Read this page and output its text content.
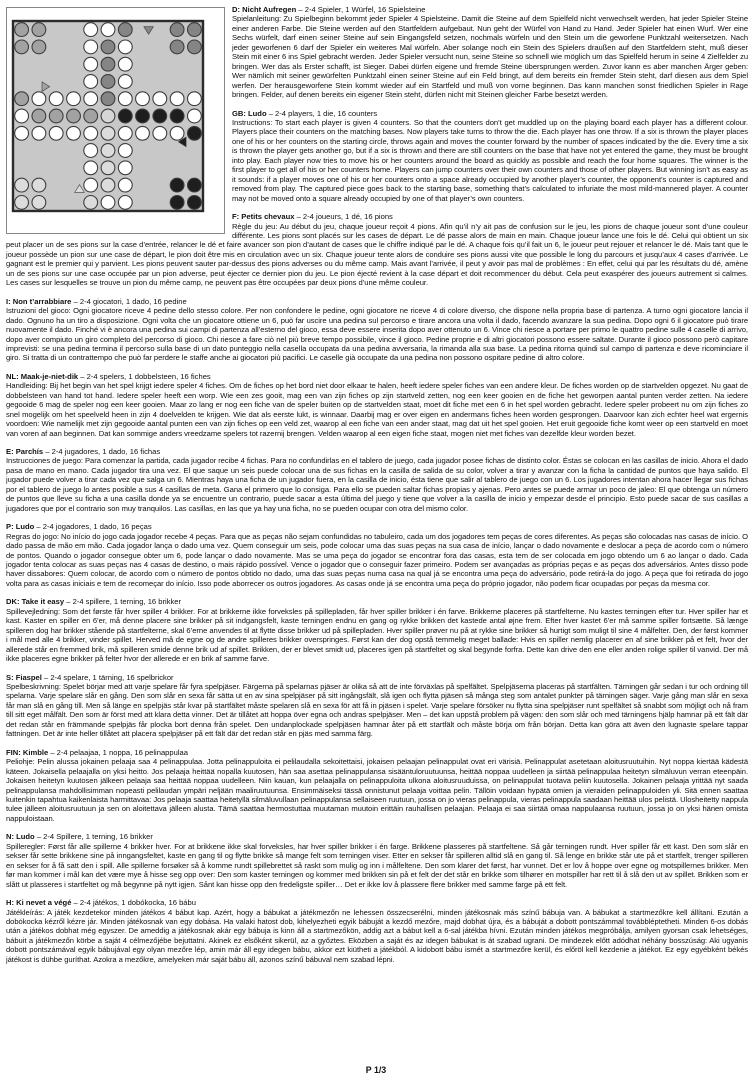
D: Nicht Aufregen – 2-4 Spieler, 1 Würfel, 16 Spielsteine

Spielanleitung: Zu Spielbeginn bekommt jeder Spieler 4 Spielsteine. Damit die Steine auf dem Spielfeld nicht verwechselt werden, hat jeder Spieler Steine einer anderen Farbe. Die Steine werden auf den Startfeldern aufgebaut. Nun geht der Würfel von Hand zu Hand. Jeder Spieler hat einen Wurf. Wer eine Sechs würfelt, darf einen seiner Steine auf sein Eingangsfeld setzen, nochmals würfeln und den Stein um die geworfene Punktzahl weitersetzen. Nach jeder geworfenen 6 darf der Spieler ein weiteres Mal würfeln. Aber solange noch ein Stein des Spielers draußen auf den Startfeldern steht, muß dieser Stein mit einer 6 ins Spiel gebracht werden. Jeder Spieler versucht nun, seine Steine so schnell wie möglich um das Spielfeld herum in seine 4 Zielfelder zu bringen. Wer das als Erster schafft, ist Sieger. Dabei dürfen eigene und fremde Steine übersprungen werden. Zuvor kann es aber manchen Ärger geben: Wer nämlich mit seiner gewürfelten Punktzahl einen seiner Steine auf ein Feld bringt, auf dem bereits ein fremder Stein steht, darf diesen aus dem Spiel werfen. Der herausgeworfene Stein kommt wieder auf ein Startfeld und muß von vorne beginnen. Das kann manchen sonst friedlichen Spieler in Rage bringen. Felder, auf denen bereits ein eigener Stein steht, dürfen nicht mit Steinen gleicher Farbe besetzt werden.

GB: Ludo – 2-4 players, 1 die, 16 counters

Instructions: To start each player is given 4 counters. So that the counters don’t get muddled up on the playing board each player has a different colour. Players place their counters on the matching bases. Now players take turns to throw the die. Each player has one throw. If a six is thrown the player places one of his or her counters on the starting circle, throws again and moves the counter forward by the number of spaces indicated by the die. Every time a six is thrown the player gets another go, but if a six is thrown and there are still counters on the base that have not yet entered the game, they must be brought into play. Each player now tries to move his or her counters around the board as quickly as possible and reach the four home squares. The winner is the first player to get all of his or her counters home. Players can jump counters over their own counters and those of other players. But winning isn’t as easy as it sounds: if a player moves one of his or her counters onto a space already occupied by another player’s counter, the opponent’s counter is captured and removed from play. The captured piece goes back to the starting base, something that’s calculated to infuriate the most mild-mannered player. A counter may not be moved onto a square already occupied by one of that player’s own counters.

F: Petits chevaux – 2-4 joueurs, 1 dé, 16 pions

Règle du jeu: Au début du jeu, chaque joueur reçoit 4 pions. Afin qu’il n’y ait pas de confusion sur le jeu, les pions de chaque joueur sont d’une couleur différente. Les pions sont placés sur les cases de départ. Le dé passe alors de main en main. Chaque joueur lance une fois le dé. Celui qui obtient un six peut placer un de ses pions sur la case d’entrée, relancer le dé et faire avancer son pion d’autant de cases que le chiffre indiqué par le dé. A chaque fois qu’il fait un 6, le joueur peut rejouer et relancer le dé. Mais tant que le joueur possède un pion sur une case de départ, le pion doit être mis en circulation avec un six. Chaque joueur tente alors de conduire ses pions aussi vite que possible le long du parcours et jusqu’aux 4 cases d’arrivée. Le gagnant est le premier qui y parvient. Les pions peuvent sauter par-dessus des pions adverses ou du même camp. Mais avant l’arrivée, il peut y avoir pas mal de problèmes : En effet, celui qui par les résultats du dé, amène un de ses pions sur une case occupée par un pion adverse, peut éjecter ce dernier pion du jeu. Le pion éjecté revient à la case départ et doit recommencer du début. Cela peut exaspérer des joueurs autrement si calmes. Les cases sur lesquelles se trouve un pion du même camp, ne peuvent pas être occupées par deux pions d’une même couleur.

I: Non t’arrabbiare – 2-4 giocatori, 1 dado, 16 pedine

Istruzioni del gioco: Ogni giocatore riceve 4 pedine dello stesso colore. Per non confondere le pedine, ogni giocatore ne riceve 4 di colore diverso, che dispone nella propria base di partenza. A turno ogni giocatore lancia il dado. Ognuno ha un tiro a disposizione. Ogni volta che un giocatore ottiene un 6, può far uscire una pedina sul percorso e tirare ancora una volta il dado, facendo avanzare la sua pedina. Dopo ogni 6 il giocatore può tirare nuovamente il dado. Finché vi è ancora una pedina sui campi di partenza all’esterno del gioco, essa deve essere inserita dopo aver ottenuto un 6. Vince chi riesce a portare per primo le quattro pedine sulle 4 caselle di arrivo, dopo aver compiuto un giro completo del percorso di gioco. Chi riesce a fare ciò nel più breve tempo possibile, vince il gioco. Pedine proprie e di altri giocatori possono essere saltate. Durante il gioco possono però capitare imprevisti: se una pedina termina il percorso sulla base di un dato punteggio nella casella occupata da una pedina avversaria, la rimanda alla sua base. La pedina ritorna quindi sul campo di partenza e deve ricominciare il giro. Si tratta di un contrattempo che può far perdere le staffe anche ai giocatori più pacifici. Le caselle già occupate da una pedina non possono ospitare pedine di altro colore.

NL: Maak-je-niet-dik – 2-4 spelers, 1 dobbelsteen, 16 fiches

Handleiding: Bij het begin van het spel krijgt iedere speler 4 fiches. Om de fiches op het bord niet door elkaar te halen, heeft iedere speler fiches van een andere kleur. De fiches worden op de startvelden opgezet. Nu gaat de dobbelsteen van hand tot hand. Iedere speler heeft een worp. Wie een zes gooit, mag een van zijn fiches op zijn startveld zetten, nog een keer gooien en de fiche het geworpen aantal punten verder zetten. Na iedere gegooide 6 mag de speler nog een keer gooien. Maar zo lang er nog een fiche van de speler buiten op de startvelden staat, moet dit fiche met een 6 in het spel worden gebracht. Iedere speler probeert nu om zijn fiches zo snel mogelijk om het speelveld heen in zijn 4 doelvelden te krijgen. Wie dat als eerste lukt, is winnaar. Daarbij mag er over eigen en andermans fiches heen worden gesprongen. Daarvoor kan zich echter heel wat ergernis voordoen: Wie namelijk met zijn gegooide aantal punten een van zijn fiches op een veld zet, waarop al een fiche van een ander staat, mag dat uit het spel gooien. Het eruit gegooide fiche komt weer op een startveld en moet van voren af aan beginnen. Dat kan sommige anders vreedzame spelers tot razernij brengen. Velden waarop al een eigen fiche staat, mogen niet met fiches van dezelfde kleur worden bezet.

E: Parchís – 2-4 jugadores, 1 dado, 16 fichas

Instrucciones de juego: Para comenzar la partida, cada jugador recibe 4 fichas. Para no confundirlas en el tablero de juego, cada jugador posee fichas de distinto color. Éstas se colocan en las casillas de inicio. Ahora el dado pasa de mano en mano. Cada jugador tira una vez. El que saque un seis puede colocar una de sus fichas en la casilla de salida de su color, volver a tirar y avanzar con la ficha la cantidad de puntos que haya salido. El jugador puede volver a tirar cada vez que salga un 6. Mientras haya una ficha de un jugador fuera, en la casilla de inicio, ésta tiene que salir al tablero de juego con un 6. Los jugadores intentan ahora hacer llegar sus fichas por el tablero de juego lo antes posible a sus 4 casillas de meta. Gana el primero que lo consiga. Para ello se pueden saltar fichas propias y ajenas. Pero antes se puede armar un poco de jaleo: El que obtenga un número de puntos que lleve su ficha a una casilla donde ya se encuentre un contrario, puede sacar a esta última del juego y tiene que volver a la casilla de inicio y empezar desde el principio. Esto puede sacar de sus casillas a jugadores que por el contrario son muy tranquilos. Las casillas, en las que ya hay una ficha, no se pueden ocupar con otra del mismo color.

P: Ludo – 2-4 jogadores, 1 dado, 16 peças

Regras do jogo: No início do jogo cada jogador recebe 4 peças. Para que as peças não sejam confundidas no tabuleiro, cada um dos jogadores tem peças de cores diferentes. As peças são colocadas nas casas de início. O dado passa de mão em mão. Cada jogador lança o dado uma vez. Quem conseguir um seis, pode colocar uma das suas peças na sua casa de início, lançar o dado novamente e deslocar a peça de acordo com o número de pontos. Quando o jogador consegue obter um 6, pode lançar o dado novamente. Mas se uma peça do jogador se encontrar fora das casas, esta tem de ser colocada em jogo obtendo um 6 ao lançar o dado. Cada jogador tenta colocar as suas peças nas 4 casas de destino, o mais rápido possível. Vence o jogador que o conseguir fazer primeiro. Podem ser avançadas as próprias peças e as peças dos adversários. Antes disso pode haver dissabores: Quem colocar, de acordo com o número de pontos obtido no dado, uma das suas peças numa casa na qual já se encontra uma peça do adversário, pode retirá-la do jogo. A peça que foi retirada do jogo volta para as casas iniciais e tem de recomeçar do início. Isso pode aborrecer os outros jogadores. As casas onde já se encontra uma peça do próprio jogador, não podem ficar ocupadas por peças da mesma cor.

DK: Take it easy – 2-4 spillere, 1 terning, 16 brikker

Spillevejledning: Som det første får hver spiller 4 brikker. For at brikkerne ikke forveksles på spillepladen, får hver spiller brikker i én farve. Brikkerne placeres på startfelterne. Nu kastes terningen efter tur. Hver spiller har et kast. Kaster en spiller en 6’er, må denne placere sine brikker på sit indgangsfelt, kaste terningen endnu en gang og rykke brikken det kastede antal øjne frem. Efter hver kastet 6’er må samme spiller fortsætte. Så længe spilleren dog har brikker stående på startfelterne, skal 6’erne anvendes til at flytte disse brikker ud på spillepladen. Hver spiller prøver nu på at rykke sine brikker så hurtigt som muligt til sine 4 målfelter. Den, der først kommer i mål med alle 4 brikker, vinder spillet. Herved må de egne og de andre spilleres brikker overspringes. Først kan der dog opstå temmelig meget ballade: Hvis en spiller nemlig placerer en af sine brikker på et felt, hvor der allerede står en fremmed brik, må spilleren smide denne brik ud af spillet. Brikken, der er blevet smidt ud, placeres igen på startfeltet og skal begynde forfra. Dette kan drive den ene eller anden rolige spiller til vanvid. Der må ikke placeres egne brikker på felter hvor der allerede er en brik af samme farve.

S: Fiaspel – 2-4 spelare, 1 tärning, 16 spelbrickor

Spelbeskrivning: Spelet börjar med att varje spelare får fyra spelpjäser. Färgerna på spelarnas pjäser är olika så att de inte förväxlas på spelfältet. Spelpjäserna placeras på startfälten. Tärningen går sedan i tur och ordning till spelarna. Varje spelare slår en gång. Den som slår en sexa får sätta ut en av sina spelpjäser på sitt ingångsfält, slå igen och flytta pjäsen så många steg som antalet punkter på tärningen säger. Varje gång man slår en sexa får man slå en gång till. Men så länge en spelpjäs står kvar på startfältet måste spelaren slå en sexa för att få in pjäsen i spelet. Varje spelare försöker nu flytta sina spelpjäser runt spelfältet så snabbt som möjligt och nå fram till sitt eget målfält. Den som är först med att klara detta vinner. Det är tillåtet att hoppa över egna och andras spelpjäser. Men – det kan uppstå problem på vägen: den som slår och med tärningens hjälp hamnar på ett fält där det redan står en främmande spelpjäs får plocka bort denna från spelet. Den undanplockade spelpjäsen hamnar åter på ett startfält och måste börja om från början. Detta kan göra att även den lugnaste spelare tappar fattningen. Det är inte heller tillåtet att placera spelpjäser på ett fält där det redan står en pjäs med samma färg.

FIN: Kimble – 2-4 pelaajaa, 1 noppa, 16 pelinappulaa

Peliohje: Pelin alussa jokainen pelaaja saa 4 pelinappulaa. Jotta pelinappuloita ei pelilaudalla sekoitettaisi, jokaisen pelaajan pelinappulat ovat eri värisiä. Pelinappulat asetetaan aloitusruutuihin. Nyt noppa kiertää kädestä käteen. Jokaisella pelaajalla on yksi heitto. Jos pelaaja heittää nopalla kuutosen, hän saa asettaa pelinappulansa sisääntuloruutuunsa, heittää noppaa uudelleen ja siirtää pelinappulaa heitetyn silmäluvun verran eteenpäin. Jokaisen heitetyn kuutosen jälkeen pelaaja saa heittää noppaa uudelleen. Niin kauan, kun pelaajalla on pelinappuloita ulkona aloitusruuduissa, on pelinappulat tuotava peliin kuutosella. Jokainen pelaaja yrittää nyt saada pelinappulansa mahdollisimman nopeasti pelilaudan ympäri neljään maaliruutuunsa. Ensimmäiseksi tässä onnistunut pelaaja voittaa pelin. Tällöin voidaan hypätä omien ja vieraiden pelinappuloiden yli. Sitä ennen saattaa kuitenkin tapahtua kaikenlaista harmittavaa: Jos pelaaja saattaa heitetyllä silmäluvullaan pelinappulansa sellaiseen ruutuun, jossa on jo vieras pelinappula, vieras pelinappula saadaan heittää ulos pelistä. Ulosheitetty nappula tulee jälleen aloitusruutuun ja sen on aloitettava jälleen alusta. Tämä saattaa hermostuttaa muutaman muutoin erittäin rauhallisen pelaajan. Pelaaja ei saa siirtää omaa nappulaansa ruutuun, jossa jo on yksi hänen omista nappuloistaan.

N: Ludo – 2-4 Spillere, 1 terning, 16 brikker

Spilleregler: Først får alle spillerne 4 brikker hver. For at brikkene ikke skal forveksles, har hver spiller brikker i én farge. Brikkene plasseres på startfeltene. Så går terningen rundt. Hver spiller får ett kast. Den som slår en sekser får sette brikkene sine på inngangsfeltet, kaste en gang til og flytte brikke så mange felt som terningen viser. Etter en sekser får spilleren alltid slå en gang til. Så lenge en brikke står ute på et startfelt, trenger spilleren en sekser for å få satt den i spill. Alle spillerne forsøker så å komme rundt spillebrettet så raskt som mulig og inn i målfeltene. Den som klarer det først, har vunnet. Det er lov å hoppe over egne og motspillernes brikker. Men før man kommer i mål kan det være mye å hisse seg opp over: Den som kaster terningen og kommer med brikken sin på et felt der det står en brikke som tilhører en motspiller har rett til å slå den ut av spillet. Brikken som er slått ut plasseres i startfeltet og må begynne på nytt igjen. Sånt kan hisse opp den fredeligste spiller… Det er ikke lov å plassere flere brikker med samme farge på ett felt.

H: Ki nevet a végé – 2-4 játékos, 1 dobókocka, 16 bábu

Játékleírás: A játék kezdetekor minden játékos 4 bábut kap. Azért, hogy a bábukat a játékmezőn ne lehessen összecserélni, minden játékosnak más színű bábuja van. A bábukat a startmezőkre kell állítani. Ezután a dobókocka kézről kézre jár. Minden játékosnak van egy dobása. Ha valaki hatost dob, kihelyezheti egyik bábuját a kezdő mezőre, majd dobhat újra, és a bábuját a dobott pontszámmal továbbléptetheti. Minden 6-os dobás után a játékos dobhat még egyszer. De ameddig a játékosnak akár egy bábuja is kinn áll a startmezőkön, addig azt a bábut kell a 6-sal játékba hívni. Ezután minden játékos megpróbálja, amilyen gyorsan csak lehetséges, bábuit a játékmezőn körbe a saját 4 célmezőjébe bejuttatni. Akinek ez elsőként sikerül, az a győztes. Eközben a saját és az idegen bábukat is át szabad ugrani. De mindezek előtt adódhat néhány bosszúság: Aki ugyanis dobott pontszámával egyik bábujával egy olyan mezőre lép, amin már áll egy idegen bábu, akkor ezt kiütheti a játékból. A kidobott bábu ismét a startmezőre kerül, és előröl kell kezdenie a játékot. Ez egy egyébként békés játékost is dühbe guríthat. Azokra a mezőkre, amelyeken már saját bábu áll, azonos színű bábuval nem szabad lépni.

P 1/3
